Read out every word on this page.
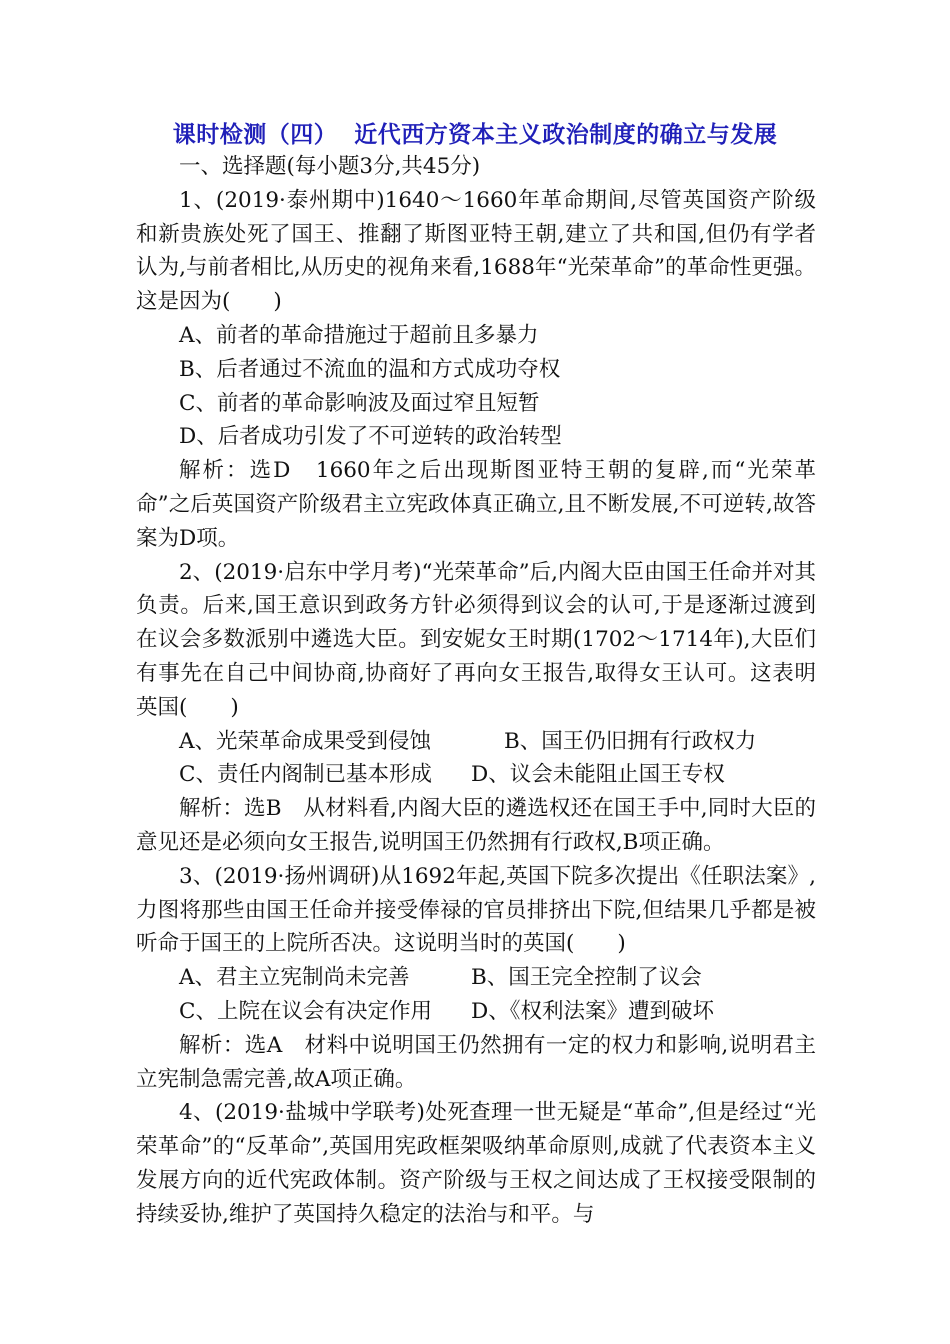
课时检测（四）  近代西方资本主义政治制度的确立与发展

一、选择题(每小题3分,共45分)

1、(2019·泰州期中)1640～1660年革命期间,尽管英国资产阶级和新贵族处死了国王、推翻了斯图亚特王朝,建立了共和国,但仍有学者认为,与前者相比,从历史的视角来看,1688年“光荣革命”的革命性更强。这是因为(　　)

A、前者的革命措施过于超前且多暴力

B、后者通过不流血的温和方式成功夺权

C、前者的革命影响波及面过窄且短暂

D、后者成功引发了不可逆转的政治转型

解析：选D　1660年之后出现斯图亚特王朝的复辟,而“光荣革命”之后英国资产阶级君主立宪政体真正确立,且不断发展,不可逆转,故答案为D项。

2、(2019·启东中学月考)“光荣革命”后,内阁大臣由国王任命并对其负责。后来,国王意识到政务方针必须得到议会的认可,于是逐渐过渡到在议会多数派别中遴选大臣。到安妮女王时期(1702～1714年),大臣们有事先在自己中间协商,协商好了再向女王报告,取得女王认可。这表明英国(　　)

A、光荣革命成果受到侵蚀	B、国王仍旧拥有行政权力
C、责任内阁制已基本形成	D、议会未能阻止国王专权

解析：选B　从材料看,内阁大臣的遴选权还在国王手中,同时大臣的意见还是必须向女王报告,说明国王仍然拥有行政权,B项正确。

3、(2019·扬州调研)从1692年起,英国下院多次提出《任职法案》,力图将那些由国王任命并接受俸禄的官员排挤出下院,但结果几乎都是被听命于国王的上院所否决。这说明当时的英国(　　)

A、君主立宪制尚未完善	B、国王完全控制了议会
C、上院在议会有决定作用	D、《权利法案》遭到破坏

解析：选A　材料中说明国王仍然拥有一定的权力和影响,说明君主立宪制急需完善,故A项正确。

4、(2019·盐城中学联考)处死查理一世无疑是“革命”,但是经过“光荣革命”的“反革命”,英国用宪政框架吸纳革命原则,成就了代表资本主义发展方向的近代宪政体制。资产阶级与王权之间达成了王权接受限制的持续妥协,维护了英国持久稳定的法治与和平。与
